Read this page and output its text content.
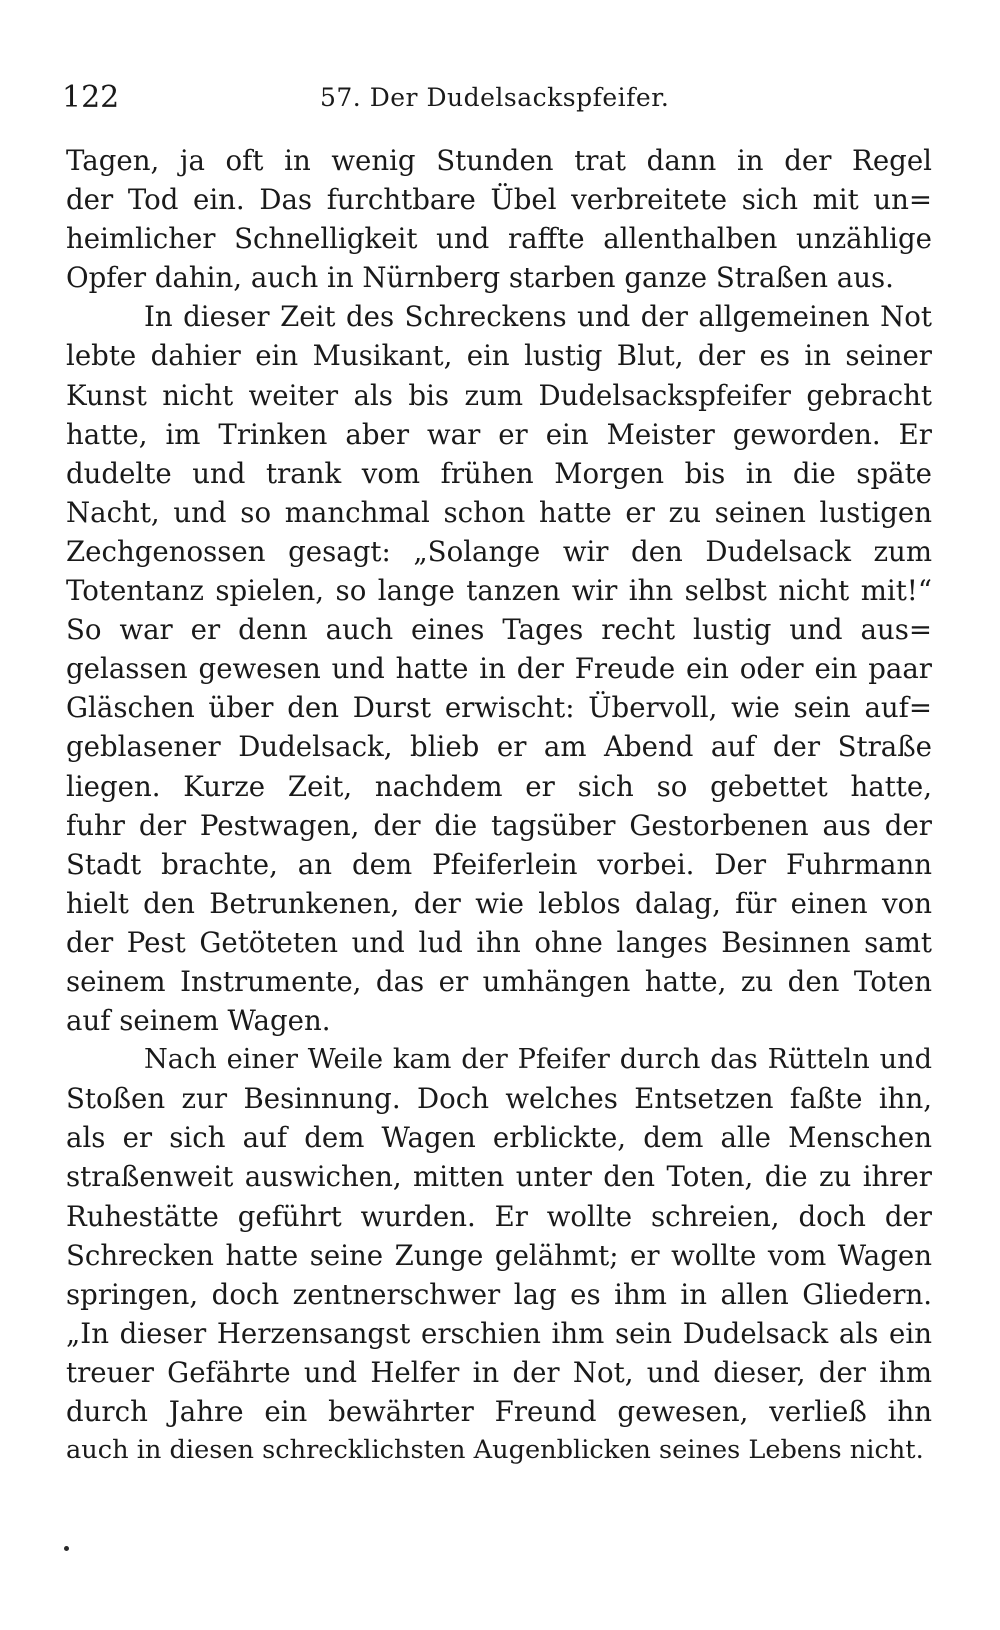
122	57. Der Dudelsackspfeifer.
Tagen, ja oft in wenig Stunden trat dann in der Regel
der Tod ein. Das furchtbare Übel verbreitete sich mit un=
heimlicher Schnelligkeit und raffte allenthalben unzählige
Opfer dahin, auch in Nürnberg starben ganze Straßen aus.
In dieser Zeit des Schreckens und der allgemeinen Not
lebte dahier ein Musikant, ein lustig Blut, der es in seiner
Kunst nicht weiter als bis zum Dudelsackspfeifer gebracht
hatte, im Trinken aber war er ein Meister geworden. Er
dudelte und trank vom frühen Morgen bis in die späte
Nacht, und so manchmal schon hatte er zu seinen lustigen
Zechgenossen gesagt: „Solange wir den Dudelsack zum
Totentanz spielen, so lange tanzen wir ihn selbst nicht mit!“
So war er denn auch eines Tages recht lustig und aus=
gelassen gewesen und hatte in der Freude ein oder ein paar
Gläschen über den Durst erwischt: Übervoll, wie sein auf=
geblasener Dudelsack, blieb er am Abend auf der Straße
liegen. Kurze Zeit, nachdem er sich so gebettet hatte,
fuhr der Pestwagen, der die tagsüber Gestorbenen aus der
Stadt brachte, an dem Pfeiferlein vorbei. Der Fuhrmann
hielt den Betrunkenen, der wie leblos dalag, für einen von
der Pest Getöteten und lud ihn ohne langes Besinnen samt
seinem Instrumente, das er umhängen hatte, zu den Toten
auf seinem Wagen.
Nach einer Weile kam der Pfeifer durch das Rütteln und
Stoßen zur Besinnung. Doch welches Entsetzen faßte ihn,
als er sich auf dem Wagen erblickte, dem alle Menschen
straßenweit auswichen, mitten unter den Toten, die zu ihrer
Ruhestätte geführt wurden. Er wollte schreien, doch der
Schrecken hatte seine Zunge gelähmt; er wollte vom Wagen
springen, doch zentnerschwer lag es ihm in allen Gliedern.
„In dieser Herzensangst erschien ihm sein Dudelsack als ein
treuer Gefährte und Helfer in der Not, und dieser, der ihm
durch Jahre ein bewährter Freund gewesen, verließ ihn
auch in diesen schrecklichsten Augenblicken seines Lebens nicht.
